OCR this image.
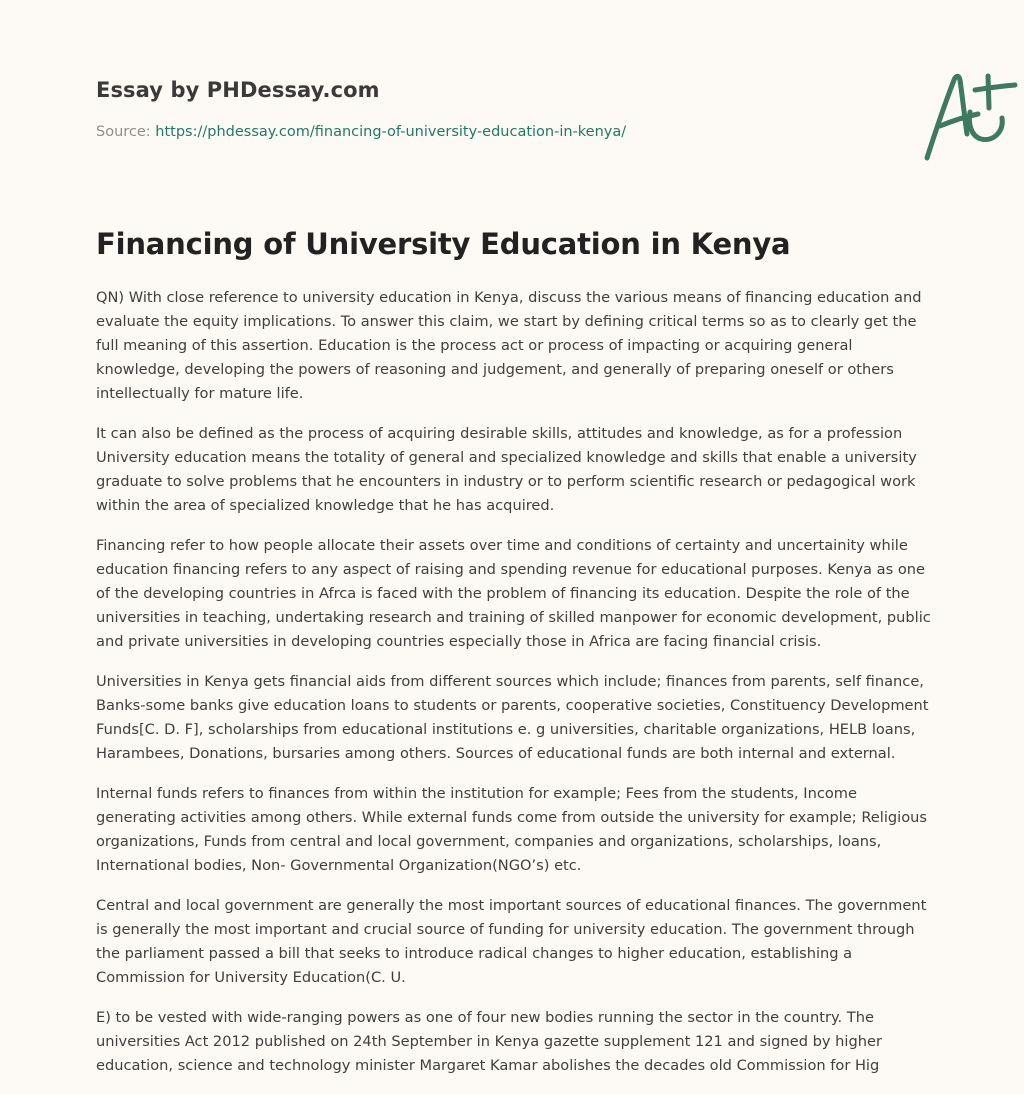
Essay by PHDessay.com
Source: https://phdessay.com/financing-of-university-education-in-kenya/
Financing of University Education in Kenya

QN) With close reference to university education in Kenya, discuss the various means of financing education and evaluate the equity implications. To answer this claim, we start by defining critical terms so as to clearly get the full meaning of this assertion. Education is the process act or process of impacting or acquiring general knowledge, developing the powers of reasoning and judgement, and generally of preparing oneself or others intellectually for mature life.

It can also be defined as the process of acquiring desirable skills, attitudes and knowledge, as for a profession University education means the totality of general and specialized knowledge and skills that enable a university graduate to solve problems that he encounters in industry or to perform scientific research or pedagogical work within the area of specialized knowledge that he has acquired.

Financing refer to how people allocate their assets over time and conditions of certainty and uncertainity while education financing refers to any aspect of raising and spending revenue for educational purposes. Kenya as one of the developing countries in Afrca is faced with the problem of financing its education. Despite the role of the universities in teaching, undertaking research and training of skilled manpower for economic development, public and private universities in developing countries especially those in Africa are facing financial crisis.

Universities in Kenya gets financial aids from different sources which include; finances from parents, self finance, Banks-some banks give education loans to students or parents, cooperative societies, Constituency Development Funds[C. D. F], scholarships from educational institutions e. g universities, charitable organizations, HELB loans, Harambees, Donations, bursaries among others. Sources of educational funds are both internal and external.

Internal funds refers to finances from within the institution for example; Fees from the students, Income generating activities among others. While external funds come from outside the university for example; Religious organizations, Funds from central and local government, companies and organizations, scholarships, loans, International bodies, Non- Governmental Organization(NGO’s) etc.

Central and local government are generally the most important sources of educational finances. The government is generally the most important and crucial source of funding for university education. The government through the parliament passed a bill that seeks to introduce radical changes to higher education, establishing a Commission for University Education(C. U.

E) to be vested with wide-ranging powers as one of four new bodies running the sector in the country. The universities Act 2012 published on 24th September in Kenya gazette supplement 121 and signed by higher education, science and technology minister Margaret Kamar abolishes the decades old Commission for Hig
